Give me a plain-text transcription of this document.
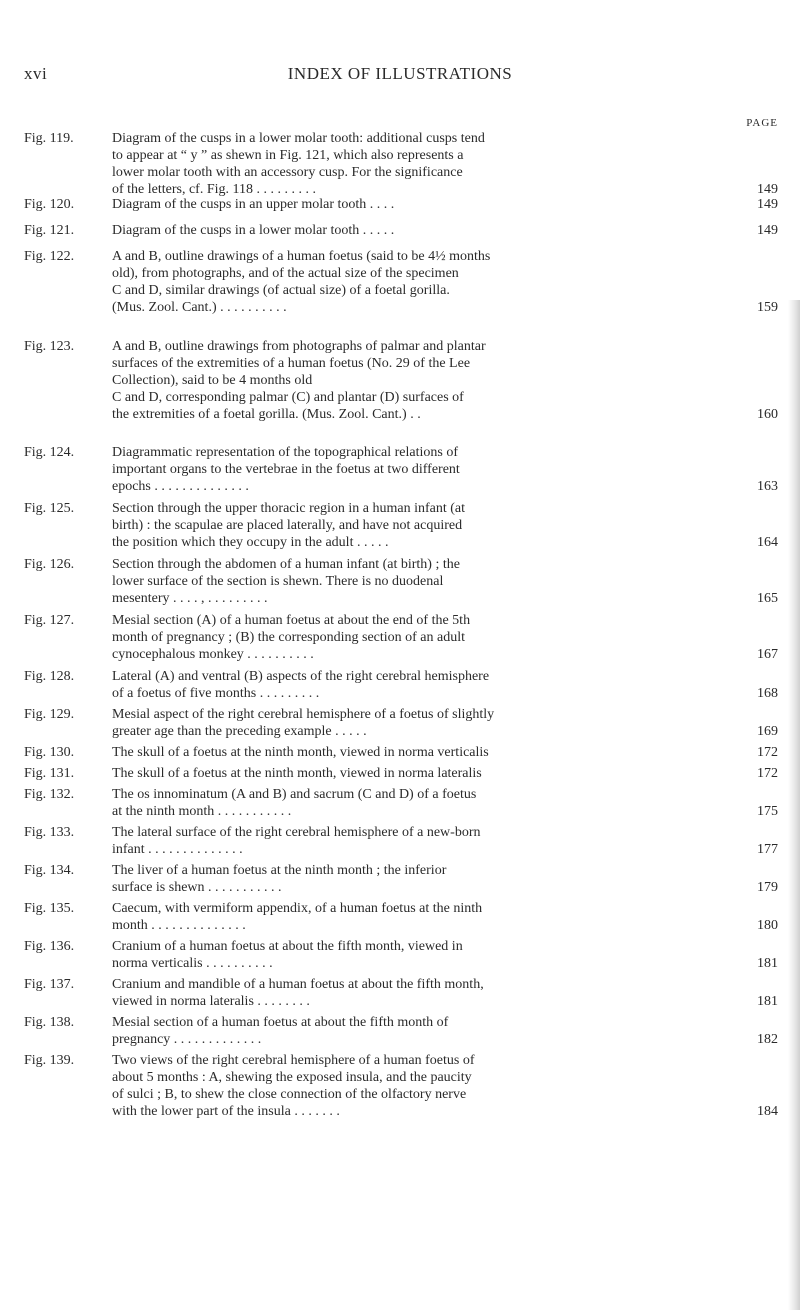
xvi	INDEX OF ILLUSTRATIONS
PAGE
Fig. 119.	Diagram of the cusps in a lower molar tooth: additional cusps tend
to appear at “ y ” as shewn in Fig. 121, which also represents a
lower molar tooth with an accessory cusp. For the significance
of the letters, cf. Fig. 118 . . . . . . . . .	149
Fig. 120.	Diagram of the cusps in an upper molar tooth . . . .	149
Fig. 121.	Diagram of the cusps in a lower molar tooth . . . . .	149
Fig. 122.	A and B, outline drawings of a human foetus (said to be 4½ months
old), from photographs, and of the actual size of the specimen
C and D, similar drawings (of actual size) of a foetal gorilla.
(Mus. Zool. Cant.) . . . . . . . . . .	159
Fig. 123.	A and B, outline drawings from photographs of palmar and plantar
surfaces of the extremities of a human foetus (No. 29 of the Lee
Collection), said to be 4 months old
C and D, corresponding palmar (C) and plantar (D) surfaces of
the extremities of a foetal gorilla. (Mus. Zool. Cant.) . .	160
Fig. 124.	Diagrammatic representation of the topographical relations of
important organs to the vertebrae in the foetus at two different
epochs . . . . . . . . . . . . . .	163
Fig. 125.	Section through the upper thoracic region in a human infant (at
birth) : the scapulae are placed laterally, and have not acquired
the position which they occupy in the adult . . . . .	164
Fig. 126.	Section through the abdomen of a human infant (at birth) ; the
lower surface of the section is shewn. There is no duodenal
mesentery . . . . , . . . . . . . . .	165
Fig. 127.	Mesial section (A) of a human foetus at about the end of the 5th
month of pregnancy ; (B) the corresponding section of an adult
cynocephalous monkey . . . . . . . . . .	167
Fig. 128.	Lateral (A) and ventral (B) aspects of the right cerebral hemisphere
of a foetus of five months . . . . . . . . .	168
Fig. 129.	Mesial aspect of the right cerebral hemisphere of a foetus of slightly
greater age than the preceding example . . . . .	169
Fig. 130.	The skull of a foetus at the ninth month, viewed in norma verticalis	172
Fig. 131.	The skull of a foetus at the ninth month, viewed in norma lateralis	172
Fig. 132.	The os innominatum (A and B) and sacrum (C and D) of a foetus
at the ninth month . . . . . . . . . . .	175
Fig. 133.	The lateral surface of the right cerebral hemisphere of a new-born
infant . . . . . . . . . . . . . .	177
Fig. 134.	The liver of a human foetus at the ninth month ; the inferior
surface is shewn . . . . . . . . . . .	179
Fig. 135.	Caecum, with vermiform appendix, of a human foetus at the ninth
month . . . . . . . . . . . . . .	180
Fig. 136.	Cranium of a human foetus at about the fifth month, viewed in
norma verticalis . . . . . . . . . .	181
Fig. 137.	Cranium and mandible of a human foetus at about the fifth month,
viewed in norma lateralis . . . . . . . .	181
Fig. 138.	Mesial section of a human foetus at about the fifth month of
pregnancy . . . . . . . . . . . . .	182
Fig. 139.	Two views of the right cerebral hemisphere of a human foetus of
about 5 months : A, shewing the exposed insula, and the paucity
of sulci ; B, to shew the close connection of the olfactory nerve
with the lower part of the insula . . . . . . .	184
